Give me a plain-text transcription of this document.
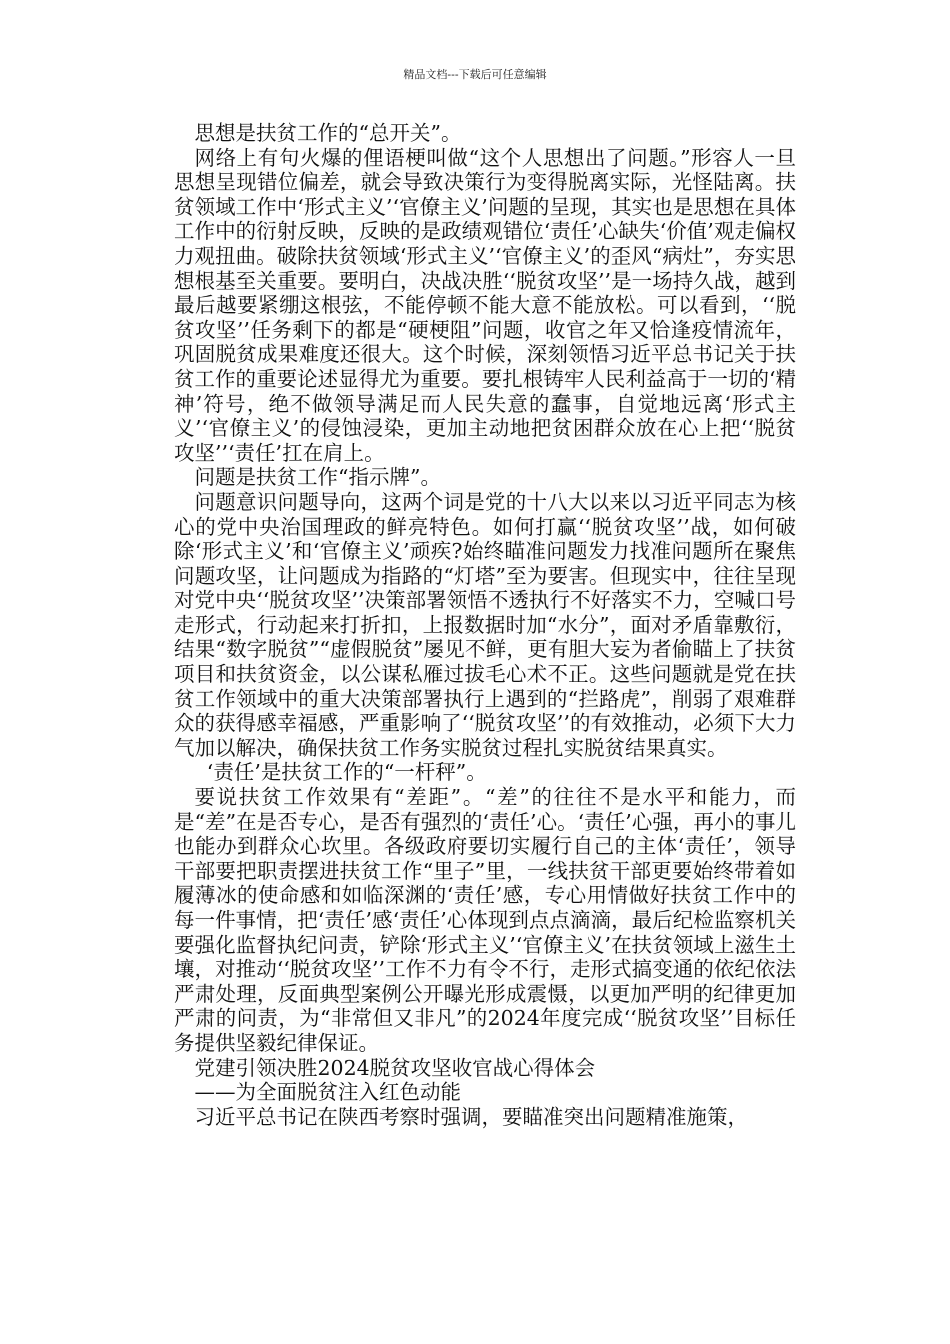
精品文档---下载后可任意编辑

思想是扶贫工作的“总开关”。

网络上有句火爆的俚语梗叫做“这个人思想出了问题。”形容人一旦思想呈现错位偏差，就会导致决策行为变得脱离实际，光怪陆离。扶贫领域工作中‘形式主义’‘官僚主义’问题的呈现，其实也是思想在具体工作中的衍射反映，反映的是政绩观错位‘责任’心缺失‘价值’观走偏权力观扭曲。破除扶贫领域‘形式主义’‘官僚主义’的歪风“病灶”，夯实思想根基至关重要。要明白，决战决胜‘‘脱贫攻坚’’是一场持久战，越到最后越要紧绷这根弦，不能停顿不能大意不能放松。可以看到，‘‘脱贫攻坚’’任务剩下的都是“硬梗阻”问题，收官之年又恰逢疫情流年，巩固脱贫成果难度还很大。这个时候，深刻领悟习近平总书记关于扶贫工作的重要论述显得尤为重要。要扎根铸牢人民利益高于一切的‘精神’符号，绝不做领导满足而人民失意的蠢事，自觉地远离‘形式主义’‘官僚主义’的侵蚀浸染，更加主动地把贫困群众放在心上把‘‘脱贫攻坚’’‘责任’扛在肩上。

问题是扶贫工作“指示牌”。

问题意识问题导向，这两个词是党的十八大以来以习近平同志为核心的党中央治国理政的鲜亮特色。如何打赢‘‘脱贫攻坚’’战，如何破除‘形式主义’和‘官僚主义’顽疾?始终瞄准问题发力找准问题所在聚焦问题攻坚，让问题成为指路的“灯塔”至为要害。但现实中，往往呈现对党中央‘‘脱贫攻坚’’决策部署领悟不透执行不好落实不力，空喊口号走形式，行动起来打折扣，上报数据时加“水分”，面对矛盾靠敷衍，结果“数字脱贫”“虚假脱贫”屡见不鲜，更有胆大妄为者偷瞄上了扶贫项目和扶贫资金，以公谋私雁过拔毛心术不正。这些问题就是党在扶贫工作领域中的重大决策部署执行上遇到的“拦路虎”，削弱了艰难群众的获得感幸福感，严重影响了‘‘脱贫攻坚’’的有效推动，必须下大力气加以解决，确保扶贫工作务实脱贫过程扎实脱贫结果真实。

‘责任’是扶贫工作的“一杆秤”。

要说扶贫工作效果有“差距”。“差”的往往不是水平和能力，而是“差”在是否专心，是否有强烈的‘责任’心。‘责任’心强，再小的事儿也能办到群众心坎里。各级政府要切实履行自己的主体‘责任’，领导干部要把职责摆进扶贫工作“里子”里，一线扶贫干部更要始终带着如履薄冰的使命感和如临深渊的‘责任’感，专心用情做好扶贫工作中的每一件事情，把‘责任’感‘责任’心体现到点点滴滴，最后纪检监察机关要强化监督执纪问责，铲除‘形式主义’‘官僚主义’在扶贫领域上滋生土壤，对推动‘‘脱贫攻坚’’工作不力有令不行，走形式搞变通的依纪依法严肃处理，反面典型案例公开曝光形成震慑，以更加严明的纪律更加严肃的问责，为“非常但又非凡”的2024年度完成‘‘脱贫攻坚’’目标任务提供坚毅纪律保证。

党建引领决胜2024脱贫攻坚收官战心得体会

——为全面脱贫注入红色动能

习近平总书记在陕西考察时强调，要瞄准突出问题精准施策，
